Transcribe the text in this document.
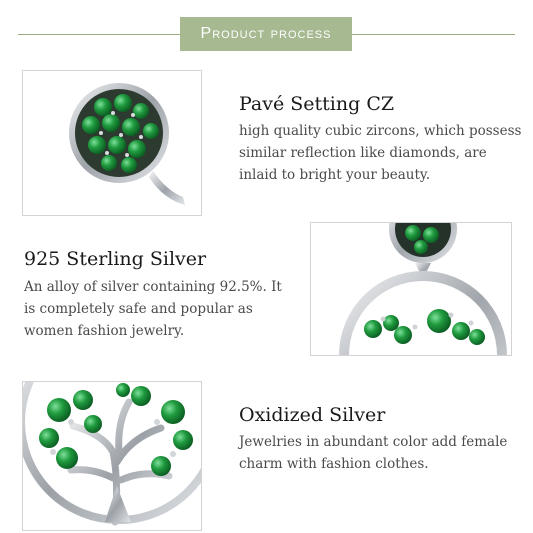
Product process
Pavé Setting CZ
high quality cubic zircons, which possess
similar reflection like diamonds, are
inlaid to bright your beauty.
925 Sterling Silver
An alloy of silver containing 92.5%. It
is completely safe and popular as
women fashion jewelry.
Oxidized Silver
Jewelries in abundant color add female
charm with fashion clothes.
